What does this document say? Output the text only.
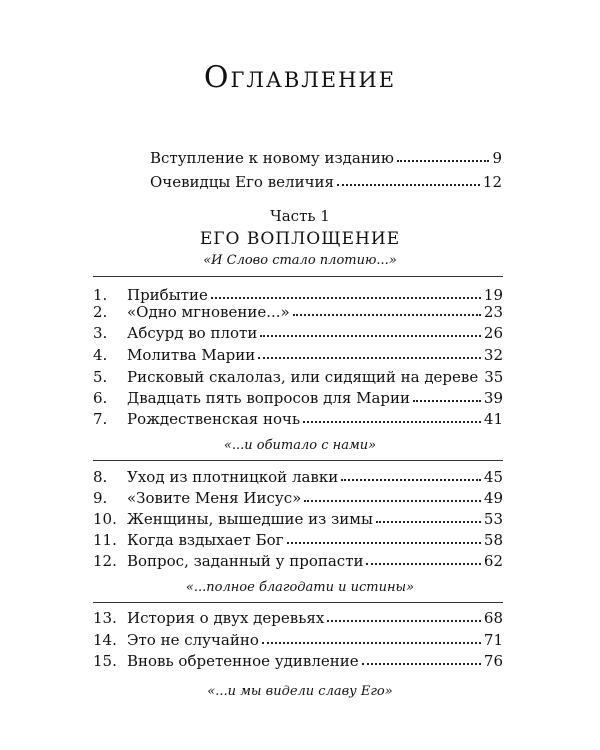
Оглавление
Вступление к новому изданию	9
Очевидцы Его величия	12
Часть 1
ЕГО ВОПЛОЩЕНИЕ
«И Слово стало плотию...»
1.	Прибытие	19
2.	«Одно мгновение...»	23
3.	Абсурд во плоти	26
4.	Молитва Марии	32
5.	Рисковый скалолаз, или сидящий на дереве 35
6.	Двадцать пять вопросов для Марии	39
7.	Рождественская ночь	41
«...и обитало с нами»
8.	Уход из плотницкой лавки	45
9.	«Зовите Меня Иисус»	49
10. Женщины, вышедшие из зимы	53
11. Когда вздыхает Бог	58
12. Вопрос, заданный у пропасти	62
«...полное благодати и истины»
13. История о двух деревьях	68
14. Это не случайно	71
15. Вновь обретенное удивление	76
«...и мы видели славу Его»
